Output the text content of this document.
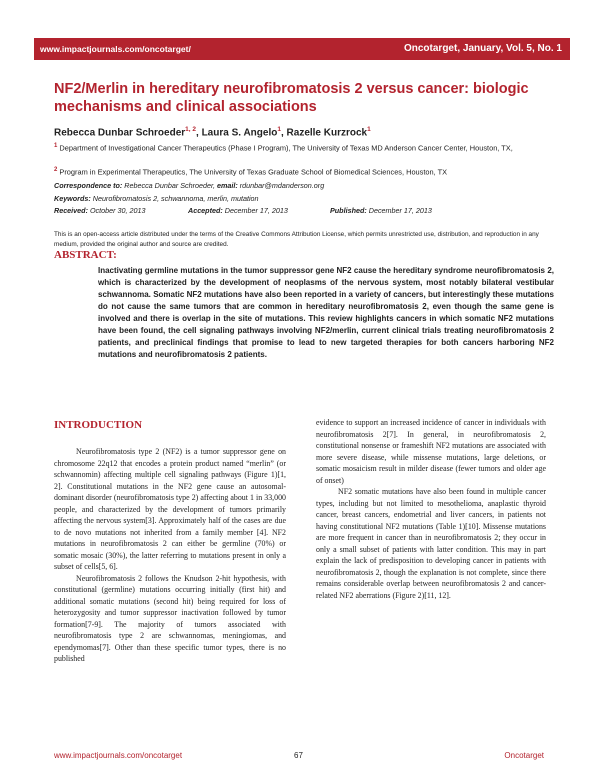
www.impactjournals.com/oncotarget/	Oncotarget, January, Vol. 5, No. 1
NF2/Merlin in hereditary neurofibromatosis 2 versus cancer: biologic mechanisms and clinical associations
Rebecca Dunbar Schroeder$^{1, 2}$, Laura S. Angelo$^1$, Razelle Kurzrock$^1$
$^1$ Department of Investigational Cancer Therapeutics (Phase I Program), The University of Texas MD Anderson Cancer Center, Houston, TX,
$^2$ Program in Experimental Therapeutics, The University of Texas Graduate School of Biomedical Sciences, Houston, TX
Correspondence to: Rebecca Dunbar Schroeder, email: rdunbar@mdanderson.org
Keywords: Neurofibromatosis 2, schwannoma, merlin, mutation
Received: October 30, 2013	Accepted: December 17, 2013	Published: December 17, 2013
This is an open-access article distributed under the terms of the Creative Commons Attribution License, which permits unrestricted use, distribution, and reproduction in any medium, provided the original author and source are credited.
ABSTRACT:
Inactivating germline mutations in the tumor suppressor gene NF2 cause the hereditary syndrome neurofibromatosis 2, which is characterized by the development of neoplasms of the nervous system, most notably bilateral vestibular schwannoma. Somatic NF2 mutations have also been reported in a variety of cancers, but interestingly these mutations do not cause the same tumors that are common in hereditary neurofibromatosis 2, even though the same gene is involved and there is overlap in the site of mutations. This review highlights cancers in which somatic NF2 mutations have been found, the cell signaling pathways involving NF2/merlin, current clinical trials treating neurofibromatosis 2 patients, and preclinical findings that promise to lead to new targeted therapies for both cancers harboring NF2 mutations and neurofibromatosis 2 patients.
INTRODUCTION

Neurofibromatosis type 2 (NF2) is a tumor suppressor gene on chromosome 22q12 that encodes a protein product named “merlin” (or schwannomin) affecting multiple cell signaling pathways (Figure 1)[1, 2]. Constitutional mutations in the NF2 gene cause an autosomal-dominant disorder (neurofibromatosis type 2) affecting about 1 in 33,000 people, and characterized by the development of tumors primarily affecting the nervous system[3]. Approximately half of the cases are due to de novo mutations not inherited from a family member [4]. NF2 mutations in neurofibromatosis 2 can either be germline (70%) or somatic mosaic (30%), the latter referring to mutations present in only a subset of cells[5, 6].

Neurofibromatosis 2 follows the Knudson 2-hit hypothesis, with constitutional (germline) mutations occurring initially (first hit) and additional somatic mutations (second hit) being required for loss of heterozygosity and tumor suppressor inactivation followed by tumor formation[7-9]. The majority of tumors associated with neurofibromatosis type 2 are schwannomas, meningiomas, and ependymomas[7]. Other than these specific tumor types, there is no published

evidence to support an increased incidence of cancer in individuals with neurofibromatosis 2[7]. In general, in neurofibromatosis 2, constitutional nonsense or frameshift NF2 mutations are associated with more severe disease, while missense mutations, large deletions, or somatic mosaicism result in milder disease (fewer tumors and older age of onset)

NF2 somatic mutations have also been found in multiple cancer types, including but not limited to mesothelioma, anaplastic thyroid cancer, breast cancers, endometrial and liver cancers, in patients not having constitutional NF2 mutations (Table 1)[10]. Missense mutations are more frequent in cancer than in neurofibromatosis 2; they occur in only a small subset of patients with latter condition. This may in part explain the lack of predisposition to developing cancer in patients with neurofibromatosis 2, though the explanation is not complete, since there remains considerable overlap between neurofibromatosis 2 and cancer-related NF2 aberrations (Figure 2)[11, 12].

www.impactjournals.com/oncotarget	67	Oncotarget
